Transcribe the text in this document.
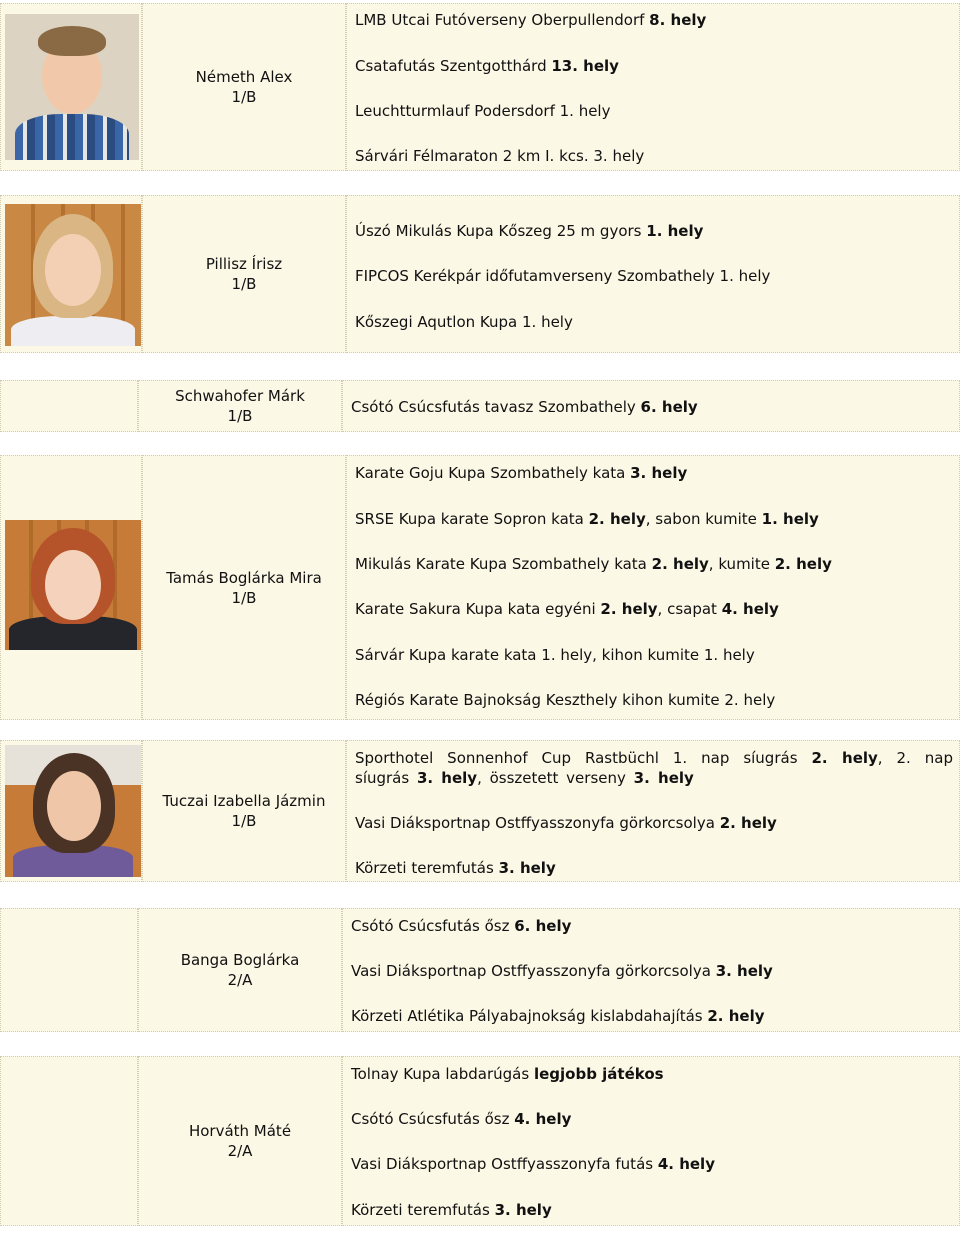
Németh Alex
1/B
LMB Utcai Futóverseny Oberpullendorf 8. hely
Csatafutás Szentgotthárd 13. hely
Leuchtturmlauf Podersdorf 1. hely
Sárvári Félmaraton 2 km I. kcs. 3. hely
Pillisz Írisz
1/B
Úszó Mikulás Kupa Kőszeg 25 m gyors 1. hely
FIPCOS Kerékpár időfutamverseny Szombathely 1. hely
Kőszegi Aqutlon Kupa 1. hely
Schwahofer Márk
1/B	Csótó Csúcsfutás tavasz Szombathely 6. hely
Tamás Boglárka Mira
1/B
Karate Goju Kupa Szombathely kata 3. hely
SRSE Kupa karate Sopron kata 2. hely, sabon kumite 1. hely
Mikulás Karate Kupa Szombathely kata 2. hely, kumite 2. hely
Karate Sakura Kupa kata egyéni 2. hely, csapat 4. hely
Sárvár Kupa karate kata 1. hely, kihon kumite 1. hely
Régiós Karate Bajnokság Keszthely kihon kumite 2. hely
Tuczai Izabella Jázmin
1/B
Sporthotel Sonnenhof Cup Rastbüchl 1. nap síugrás 2. hely, 2. nap síugrás 3. hely, összetett verseny 3. hely
Vasi Diáksportnap Ostffyasszonyfa görkorcsolya 2. hely
Körzeti teremfutás 3. hely
Banga Boglárka
2/A
Csótó Csúcsfutás ősz 6. hely
Vasi Diáksportnap Ostffyasszonyfa görkorcsolya 3. hely
Körzeti Atlétika Pályabajnokság kislabdahajítás 2. hely
Horváth Máté
2/A
Tolnay Kupa labdarúgás legjobb játékos
Csótó Csúcsfutás ősz 4. hely
Vasi Diáksportnap Ostffyasszonyfa futás 4. hely
Körzeti teremfutás 3. hely
